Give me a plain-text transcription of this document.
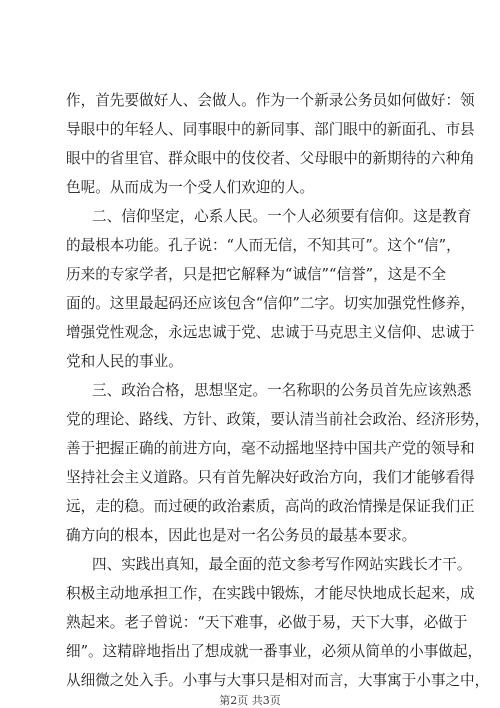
作，首先要做好人、会做人。作为一个新录公务员如何做好：领
导眼中的年轻人、同事眼中的新同事、部门眼中的新面孔、市县
眼中的省里官、群众眼中的伎佼者、父母眼中的新期待的六种角
色呢。从而成为一个受人们欢迎的人。
二、信仰坚定，心系人民。一个人必须要有信仰。这是教育
的最根本功能。孔子说：“人而无信，不知其可”。这个“信”，
历来的专家学者，只是把它解释为“诚信”“信誉”，这是不全
面的。这里最起码还应该包含“信仰”二字。切实加强党性修养，
增强党性观念，永远忠诚于党、忠诚于马克思主义信仰、忠诚于
党和人民的事业。
三、政治合格，思想坚定。一名称职的公务员首先应该熟悉
党的理论、路线、方针、政策，要认清当前社会政治、经济形势，
善于把握正确的前进方向，毫不动摇地坚持中国共产党的领导和
坚持社会主义道路。只有首先解决好政治方向，我们才能够看得
远，走的稳。而过硬的政治素质，高尚的政治情操是保证我们正
确方向的根本，因此也是对一名公务员的最基本要求。
四、实践出真知，最全面的范文参考写作网站实践长才干。
积极主动地承担工作，在实践中锻炼，才能尽快地成长起来，成
熟起来。老子曾说：“天下难事，必做于易，天下大事，必做于
细”。这精辟地指出了想成就一番事业，必须从简单的小事做起，
从细微之处入手。小事与大事只是相对而言，大事寓于小事之中，
第2页 共3页
